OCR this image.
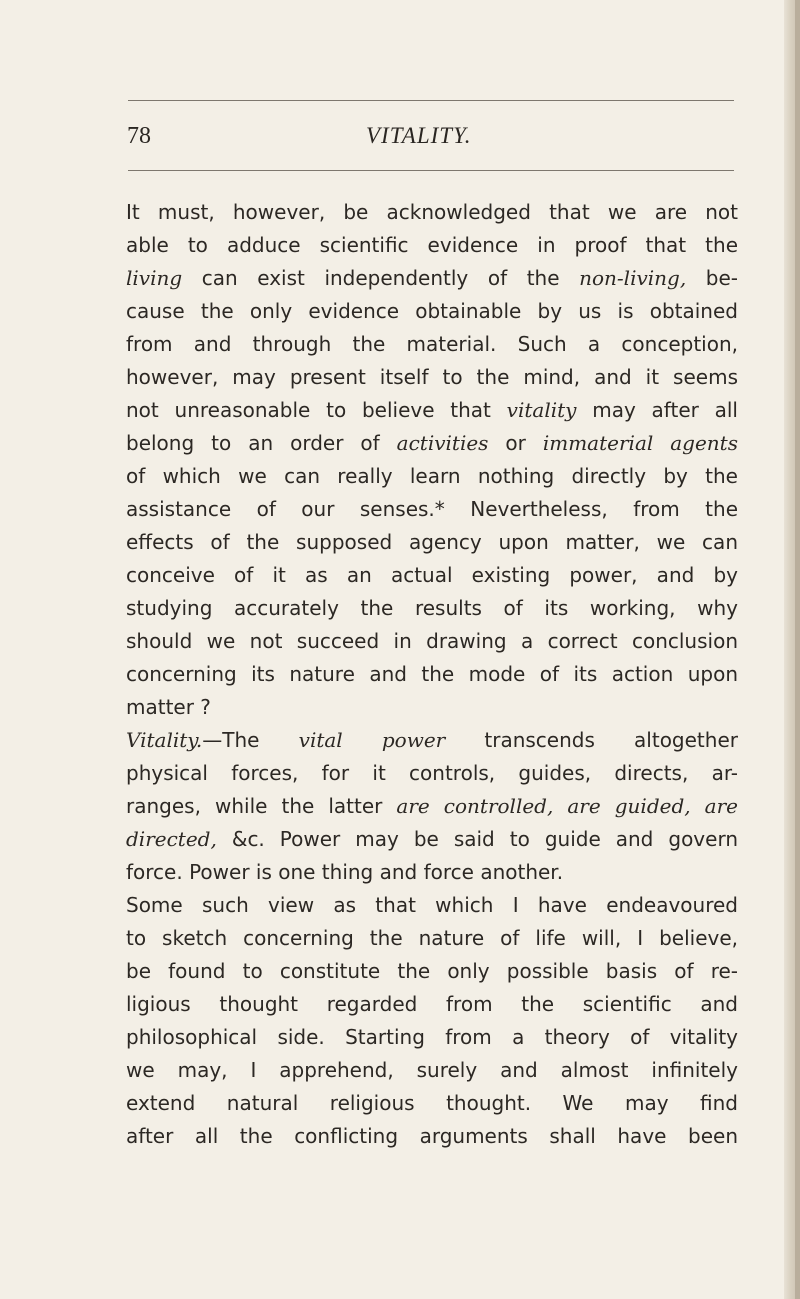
78	VITALITY.
It must, however, be acknowledged that we are not
able to adduce scientific evidence in proof that the
living can exist independently of the non-living, be-
cause the only evidence obtainable by us is obtained
from and through the material. Such a conception,
however, may present itself to the mind, and it seems
not unreasonable to believe that vitality may after all
belong to an order of activities or immaterial agents
of which we can really learn nothing directly by the
assistance of our senses.* Nevertheless, from the
effects of the supposed agency upon matter, we can
conceive of it as an actual existing power, and by
studying accurately the results of its working, why
should we not succeed in drawing a correct conclusion
concerning its nature and the mode of its action upon
matter ?
Vitality.—The vital power transcends altogether
physical forces, for it controls, guides, directs, ar-
ranges, while the latter are controlled, are guided, are
directed, &c. Power may be said to guide and govern
force. Power is one thing and force another.
Some such view as that which I have endeavoured
to sketch concerning the nature of life will, I believe,
be found to constitute the only possible basis of re-
ligious thought regarded from the scientific and
philosophical side. Starting from a theory of vitality
we may, I apprehend, surely and almost infinitely
extend natural religious thought. We may find
after all the conflicting arguments shall have been
